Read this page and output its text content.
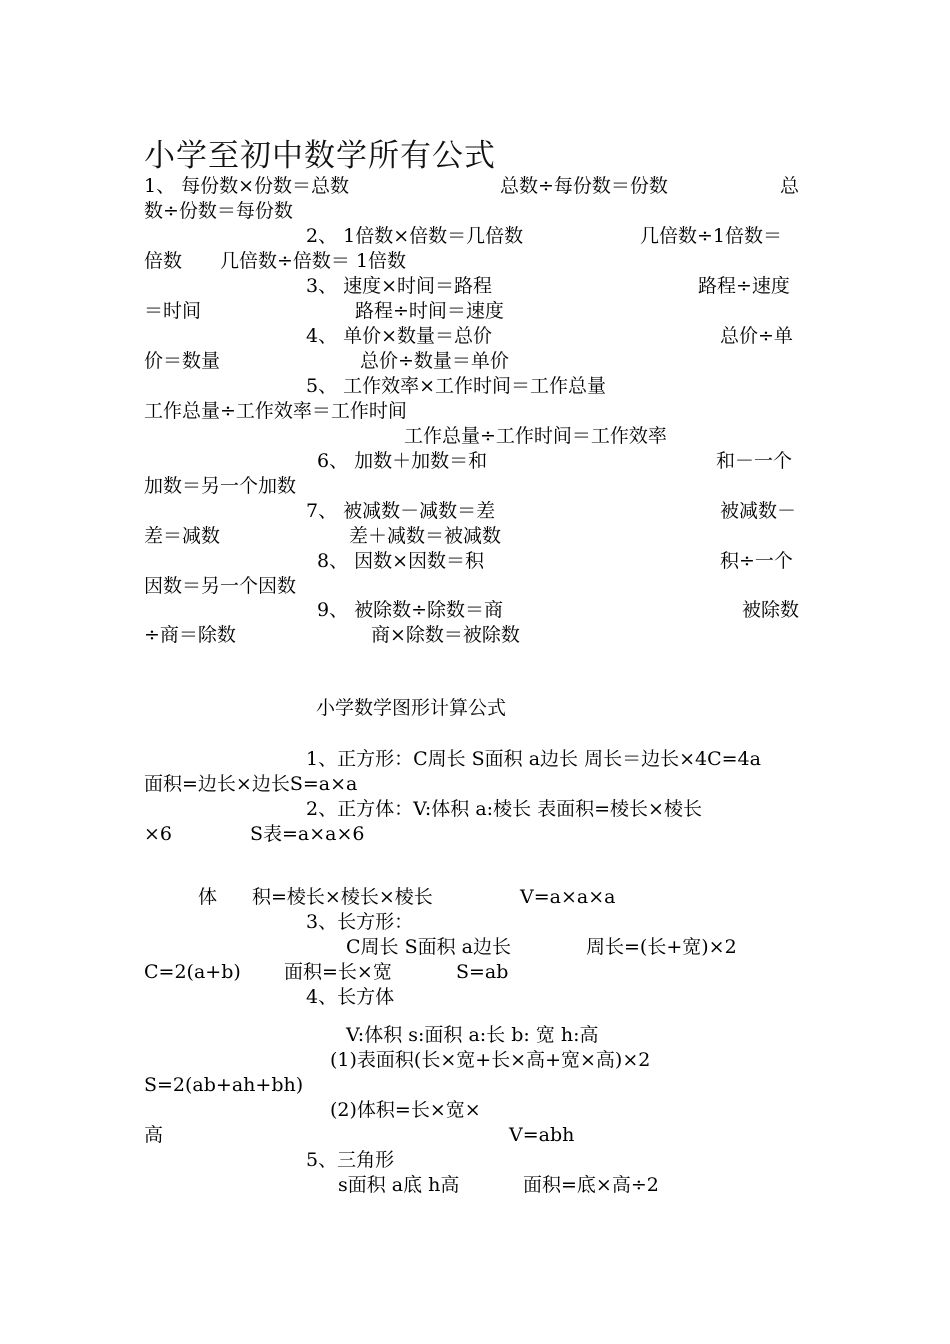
小学至初中数学所有公式
1、 每份数×份数＝总数	总数÷每份数＝份数	总
数÷份数＝每份数
2、 1倍数×倍数＝几倍数	几倍数÷1倍数＝
倍数 几倍数÷倍数＝ 1倍数
3、 速度×时间＝路程	路程÷速度
＝时间	路程÷时间＝速度
4、 单价×数量＝总价	总价÷单
价＝数量	总价÷数量＝单价
5、 工作效率×工作时间＝工作总量
工作总量÷工作效率＝工作时间
工作总量÷工作时间＝工作效率
6、 加数＋加数＝和	和－一个
加数＝另一个加数
7、 被减数－减数＝差	被减数－
差＝减数	差＋减数＝被减数
8、 因数×因数＝积	积÷一个
因数＝另一个因数
9、 被除数÷除数＝商	被除数
÷商＝除数	商×除数＝被除数
小学数学图形计算公式
1、正方形：C周长 S面积 a边长 周长＝边长×4C=4a
面积=边长×边长S=a×a
2、正方体：V:体积 a:棱长 表面积=棱长×棱长
×6	S表=a×a×6
体 积=棱长×棱长×棱长	V=a×a×a
3、长方形：
C周长 S面积 a边长	周长=(长+宽)×2
C=2(a+b) 面积=长×宽	S=ab
4、长方体
V:体积 s:面积 a:长 b: 宽 h:高
(1)表面积(长×宽+长×高+宽×高)×2
S=2(ab+ah+bh)
(2)体积=长×宽×
高	V=abh
5、三角形
s面积 a底 h高	面积=底×高÷2
